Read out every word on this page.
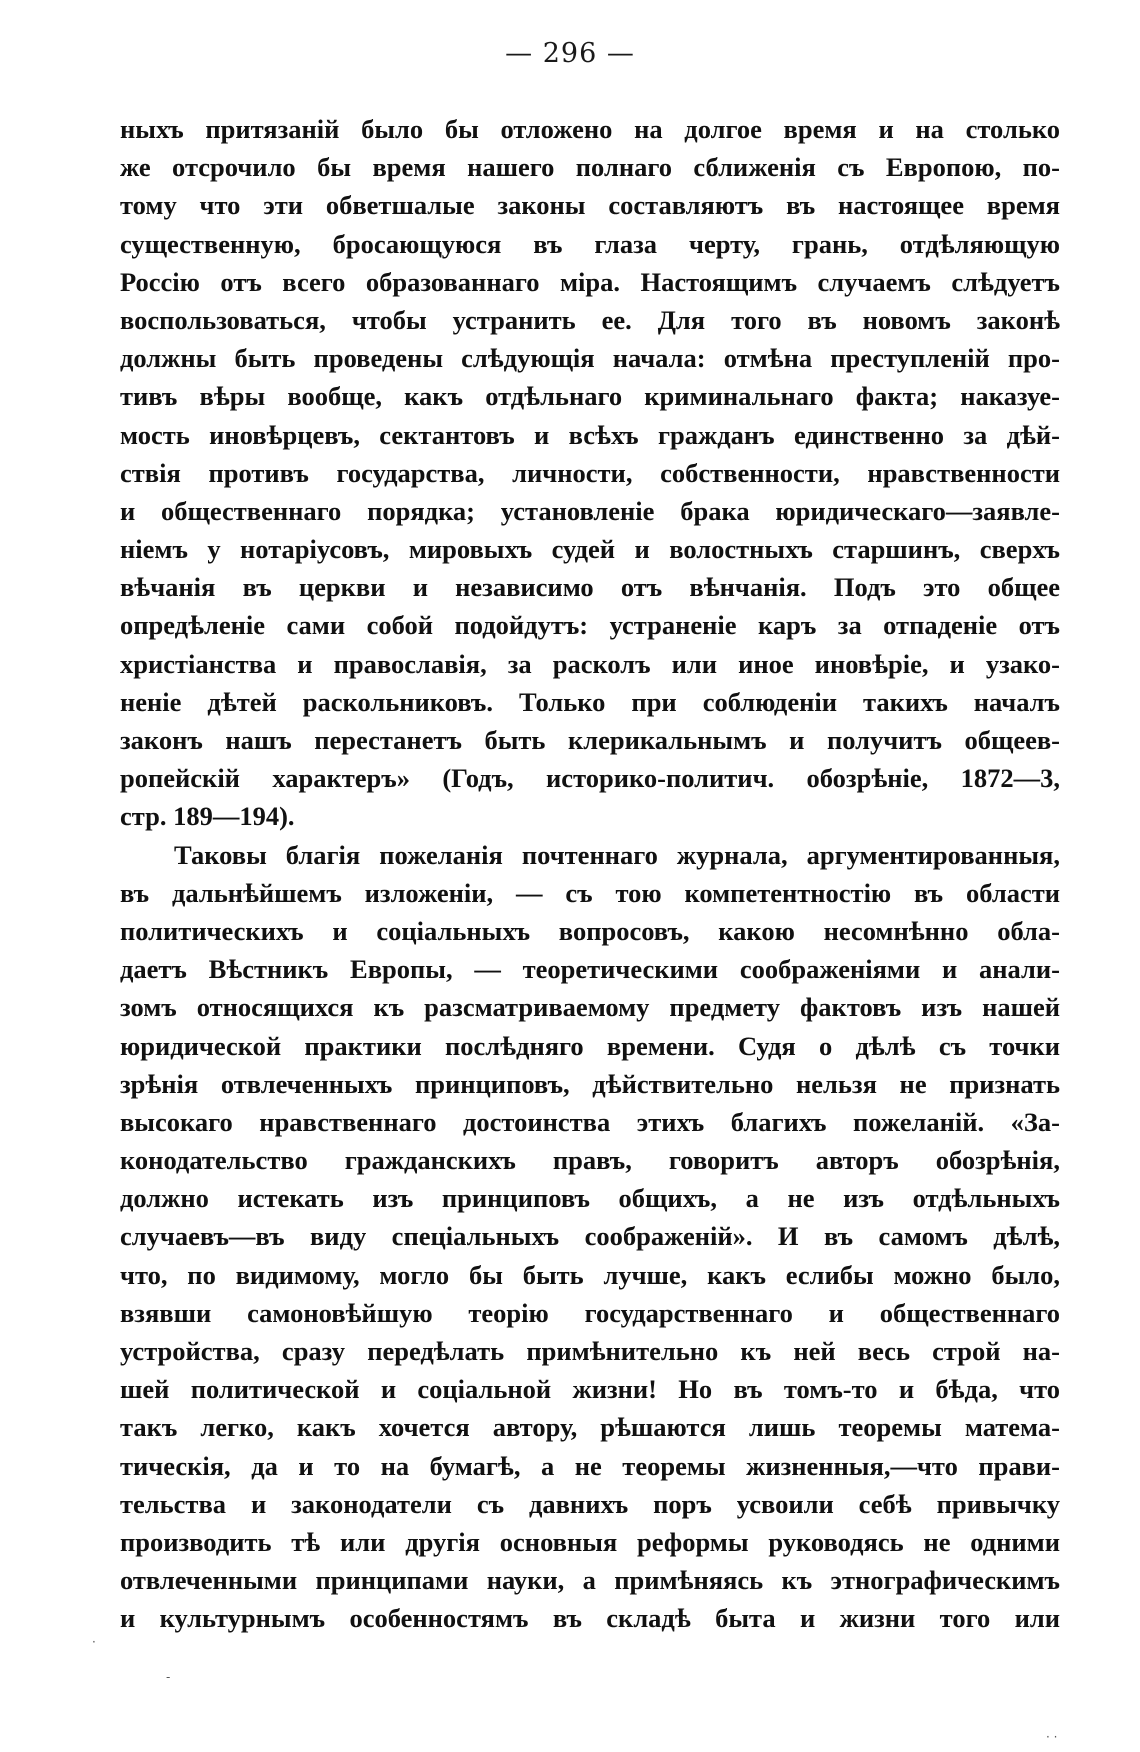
— 296 —
ныхъ притязаній было бы отложено на долгое время и на столько
же отсрочило бы время нашего полнаго сближенія съ Европою, по-
тому что эти обветшалые законы составляютъ въ настоящее время
существенную, бросающуюся въ глаза черту, грань, отдѣляющую
Россію отъ всего образованнаго міра. Настоящимъ случаемъ слѣдуетъ
воспользоваться, чтобы устранить ее. Для того въ новомъ законѣ
должны быть проведены слѣдующія начала: отмѣна преступленій про-
тивъ вѣры вообще, какъ отдѣльнаго криминальнаго факта; наказуе-
мость иновѣрцевъ, сектантовъ и всѣхъ гражданъ единственно за дѣй-
ствія противъ государства, личности, собственности, нравственности
и общественнаго порядка; установленіе брака юридическаго—заявле-
ніемъ у нотаріусовъ, мировыхъ судей и волостныхъ старшинъ, сверхъ
вѣчанія въ церкви и независимо отъ вѣнчанія. Подъ это общее
опредѣленіе сами собой подойдутъ: устраненіе каръ за отпаденіе отъ
христіанства и православія, за расколъ или иное иновѣріе, и узако-
неніе дѣтей раскольниковъ. Только при соблюденіи такихъ началъ
законъ нашъ перестанетъ быть клерикальнымъ и получитъ общеев-
ропейскій характеръ» (Годъ, историко-политич. обозрѣніе, 1872—3,
стр. 189—194).
Таковы благія пожеланія почтеннаго журнала, аргументированныя,
въ дальнѣйшемъ изложеніи, — съ тою компетентностію въ области
политическихъ и соціальныхъ вопросовъ, какою несомнѣнно обла-
даетъ Вѣстникъ Европы, — теоретическими соображеніями и анали-
зомъ относящихся къ разсматриваемому предмету фактовъ изъ нашей
юридической практики послѣдняго времени. Судя о дѣлѣ съ точки
зрѣнія отвлеченныхъ принциповъ, дѣйствительно нельзя не признать
высокаго нравственнаго достоинства этихъ благихъ пожеланій. «За-
конодательство гражданскихъ правъ, говоритъ авторъ обозрѣнія,
должно истекать изъ принциповъ общихъ, а не изъ отдѣльныхъ
случаевъ—въ виду спеціальныхъ соображеній». И въ самомъ дѣлѣ,
что, по видимому, могло бы быть лучше, какъ еслибы можно было,
взявши самоновѣйшую теорію государственнаго и общественнаго
устройства, сразу передѣлать примѣнительно къ ней весь строй на-
шей политической и соціальной жизни! Но въ томъ-то и бѣда, что
такъ легко, какъ хочется автору, рѣшаются лишь теоремы матема-
тическія, да и то на бумагѣ, а не теоремы жизненныя,—что прави-
тельства и законодатели съ давнихъ поръ усвоили себѣ привычку
производить тѣ или другія основныя реформы руководясь не одними
отвлеченными принципами науки, а примѣняясь къ этнографическимъ
и культурнымъ особенностямъ въ складѣ быта и жизни того или
·
-
· ·
